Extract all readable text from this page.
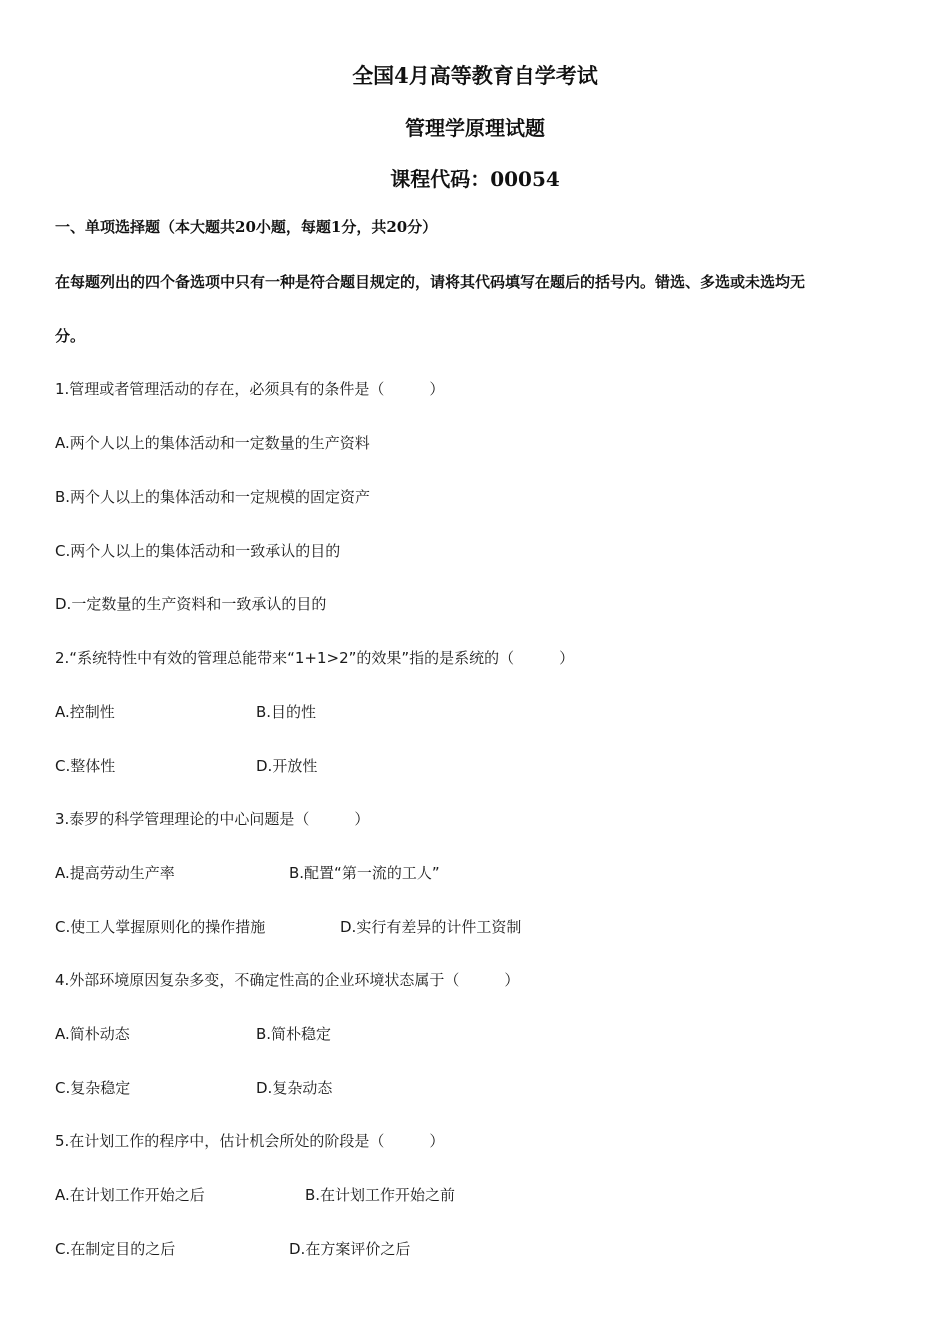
全国4月高等教育自学考试
管理学原理试题
课程代码：00054
一、单项选择题（本大题共20小题，每题1分，共20分）
在每题列出的四个备选项中只有一种是符合题目规定的，请将其代码填写在题后的括号内。错选、多选或未选均无
分。
1.管理或者管理活动的存在，必须具有的条件是（　　　）
A.两个人以上的集体活动和一定数量的生产资料
B.两个人以上的集体活动和一定规模的固定资产
C.两个人以上的集体活动和一致承认的目的
D.一定数量的生产资料和一致承认的目的
2.“系统特性中有效的管理总能带来“1+1>2”的效果”指的是系统的（　　　）
A.控制性	B.目的性
C.整体性	D.开放性
3.泰罗的科学管理理论的中心问题是（　　　）
A.提高劳动生产率	B.配置“第一流的工人”
C.使工人掌握原则化的操作措施	D.实行有差异的计件工资制
4.外部环境原因复杂多变，不确定性高的企业环境状态属于（　　　）
A.简朴动态	B.简朴稳定
C.复杂稳定	D.复杂动态
5.在计划工作的程序中，估计机会所处的阶段是（　　　）
A.在计划工作开始之后	B.在计划工作开始之前
C.在制定目的之后	D.在方案评价之后
